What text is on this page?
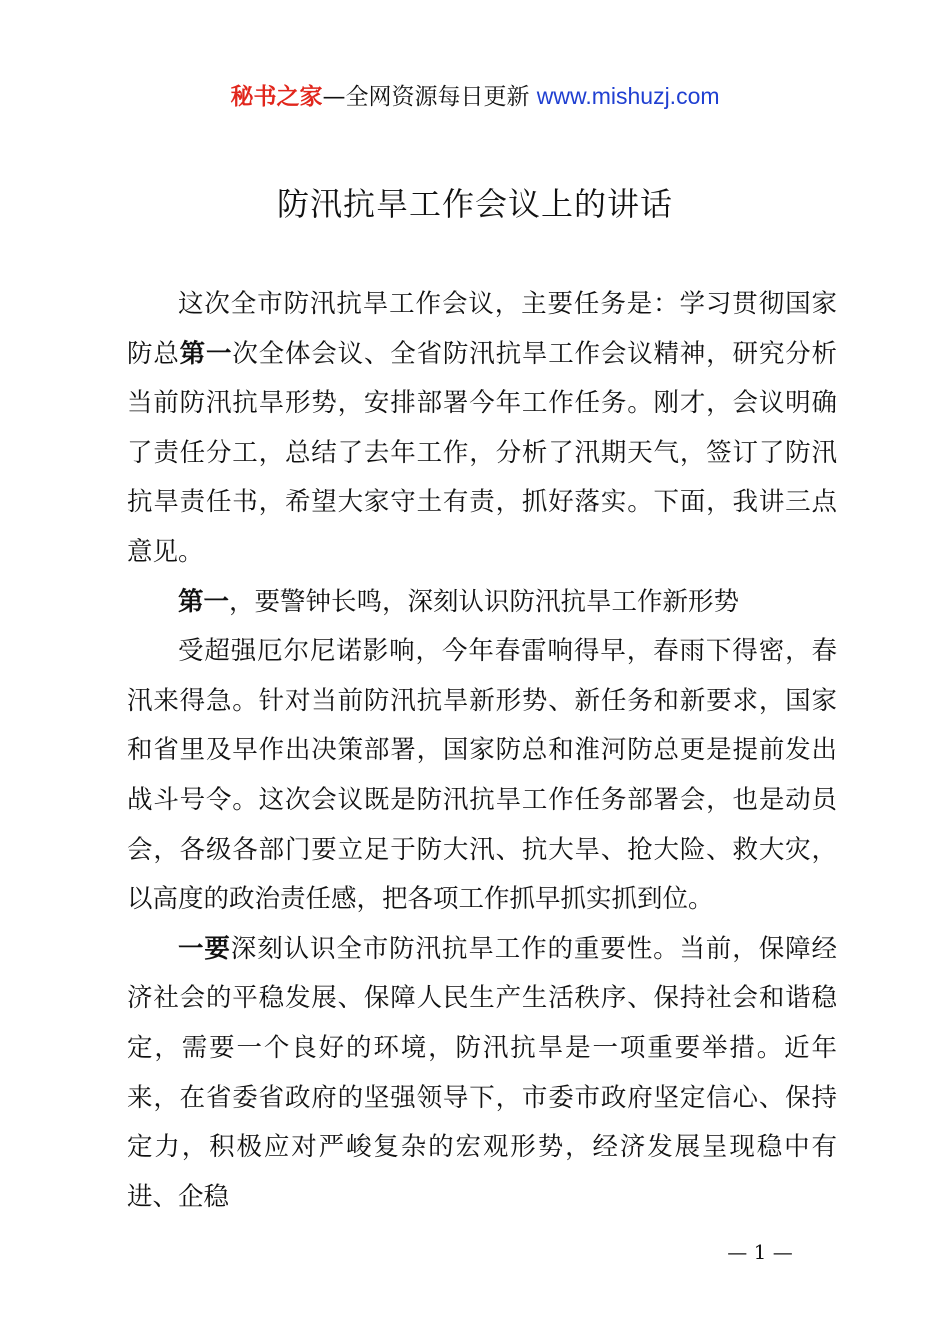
秘书之家—全网资源每日更新 www.mishuzj.com
防汛抗旱工作会议上的讲话

这次全市防汛抗旱工作会议，主要任务是：学习贯彻国家防总第一次全体会议、全省防汛抗旱工作会议精神，研究分析当前防汛抗旱形势，安排部署今年工作任务。刚才，会议明确了责任分工，总结了去年工作，分析了汛期天气，签订了防汛抗旱责任书，希望大家守土有责，抓好落实。下面，我讲三点意见。

第一，要警钟长鸣，深刻认识防汛抗旱工作新形势

受超强厄尔尼诺影响，今年春雷响得早，春雨下得密，春汛来得急。针对当前防汛抗旱新形势、新任务和新要求，国家和省里及早作出决策部署，国家防总和淮河防总更是提前发出战斗号令。这次会议既是防汛抗旱工作任务部署会，也是动员会，各级各部门要立足于防大汛、抗大旱、抢大险、救大灾，以高度的政治责任感，把各项工作抓早抓实抓到位。

一要深刻认识全市防汛抗旱工作的重要性。当前，保障经济社会的平稳发展、保障人民生产生活秩序、保持社会和谐稳定，需要一个良好的环境，防汛抗旱是一项重要举措。近年来，在省委省政府的坚强领导下，市委市政府坚定信心、保持定力，积极应对严峻复杂的宏观形势，经济发展呈现稳中有进、企稳

— 1 —
